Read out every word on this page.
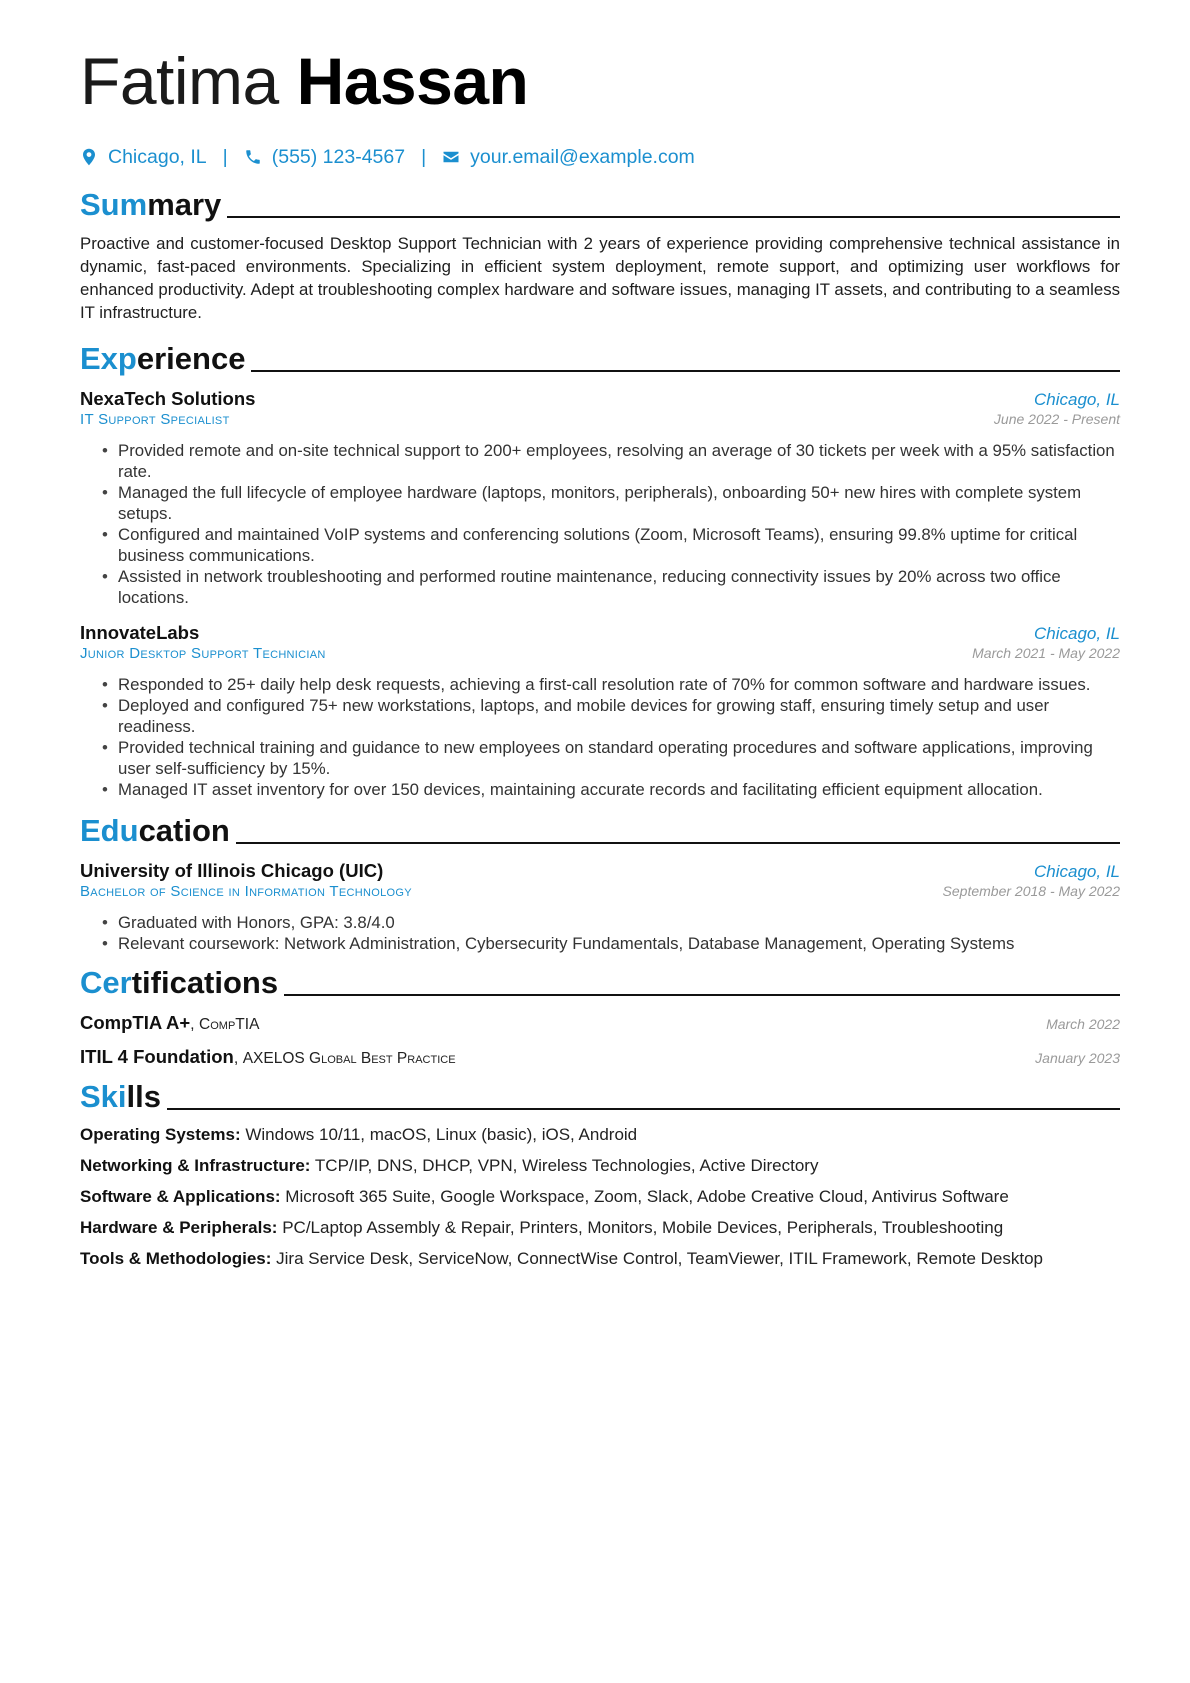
Fatima Hassan
Chicago, IL | (555) 123-4567 | your.email@example.com
Summary
Proactive and customer-focused Desktop Support Technician with 2 years of experience providing comprehensive technical assistance in dynamic, fast-paced environments. Specializing in efficient system deployment, remote support, and optimizing user workflows for enhanced productivity. Adept at troubleshooting complex hardware and software issues, managing IT assets, and contributing to a seamless IT infrastructure.
Experience
NexaTech Solutions	Chicago, IL
IT Support Specialist	June 2022 - Present
• Provided remote and on-site technical support to 200+ employees, resolving an average of 30 tickets per week with a 95% satisfaction rate.
• Managed the full lifecycle of employee hardware (laptops, monitors, peripherals), onboarding 50+ new hires with complete system setups.
• Configured and maintained VoIP systems and conferencing solutions (Zoom, Microsoft Teams), ensuring 99.8% uptime for critical business communications.
• Assisted in network troubleshooting and performed routine maintenance, reducing connectivity issues by 20% across two office locations.
InnovateLabs	Chicago, IL
Junior Desktop Support Technician	March 2021 - May 2022
• Responded to 25+ daily help desk requests, achieving a first-call resolution rate of 70% for common software and hardware issues.
• Deployed and configured 75+ new workstations, laptops, and mobile devices for growing staff, ensuring timely setup and user readiness.
• Provided technical training and guidance to new employees on standard operating procedures and software applications, improving user self-sufficiency by 15%.
• Managed IT asset inventory for over 150 devices, maintaining accurate records and facilitating efficient equipment allocation.
Education
University of Illinois Chicago (UIC)	Chicago, IL
Bachelor of Science in Information Technology	September 2018 - May 2022
• Graduated with Honors, GPA: 3.8/4.0
• Relevant coursework: Network Administration, Cybersecurity Fundamentals, Database Management, Operating Systems
Certifications
CompTIA A+, CompTIA	March 2022
ITIL 4 Foundation, AXELOS Global Best Practice	January 2023
Skills
Operating Systems: Windows 10/11, macOS, Linux (basic), iOS, Android
Networking & Infrastructure: TCP/IP, DNS, DHCP, VPN, Wireless Technologies, Active Directory
Software & Applications: Microsoft 365 Suite, Google Workspace, Zoom, Slack, Adobe Creative Cloud, Antivirus Software
Hardware & Peripherals: PC/Laptop Assembly & Repair, Printers, Monitors, Mobile Devices, Peripherals, Troubleshooting
Tools & Methodologies: Jira Service Desk, ServiceNow, ConnectWise Control, TeamViewer, ITIL Framework, Remote Desktop
